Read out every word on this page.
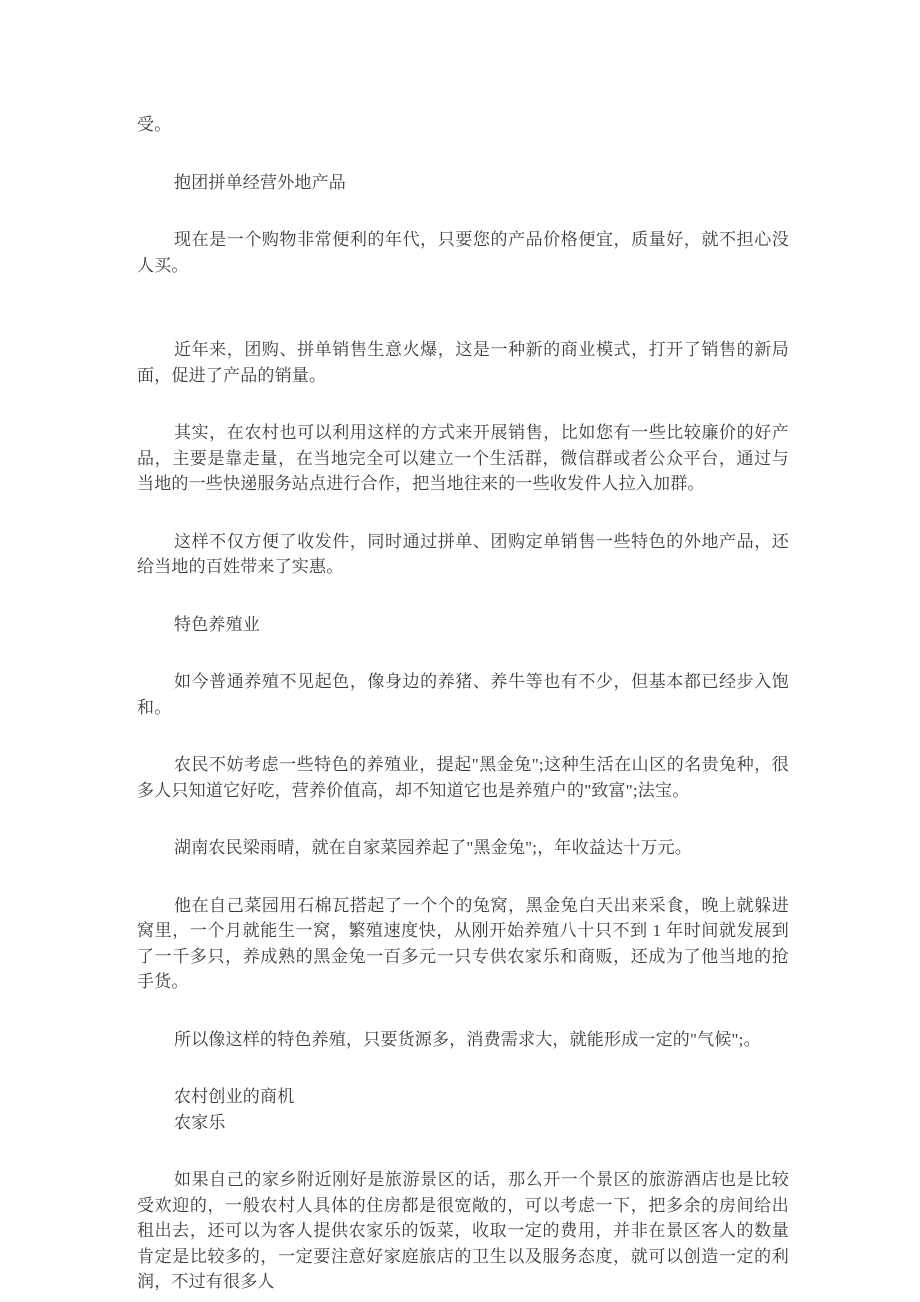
受。

抱团拼单经营外地产品

现在是一个购物非常便利的年代，只要您的产品价格便宜，质量好，就不担心没人买。

近年来，团购、拼单销售生意火爆，这是一种新的商业模式，打开了销售的新局面，促进了产品的销量。

其实，在农村也可以利用这样的方式来开展销售，比如您有一些比较廉价的好产品，主要是靠走量，在当地完全可以建立一个生活群，微信群或者公众平台，通过与当地的一些快递服务站点进行合作，把当地往来的一些收发件人拉入加群。

这样不仅方便了收发件，同时通过拼单、团购定单销售一些特色的外地产品，还给当地的百姓带来了实惠。

特色养殖业

如今普通养殖不见起色，像身边的养猪、养牛等也有不少，但基本都已经步入饱和。

农民不妨考虑一些特色的养殖业，提起"黑金兔";这种生活在山区的名贵兔种，很多人只知道它好吃，营养价值高，却不知道它也是养殖户的"致富";法宝。

湖南农民梁雨晴，就在自家菜园养起了"黑金兔";，年收益达十万元。

他在自己菜园用石棉瓦搭起了一个个的兔窝，黑金兔白天出来采食，晚上就躲进窝里，一个月就能生一窝，繁殖速度快，从刚开始养殖八十只不到 1 年时间就发展到了一千多只，养成熟的黑金兔一百多元一只专供农家乐和商贩，还成为了他当地的抢手货。

所以像这样的特色养殖，只要货源多，消费需求大，就能形成一定的"气候";。

农村创业的商机

农家乐

如果自己的家乡附近刚好是旅游景区的话，那么开一个景区的旅游酒店也是比较受欢迎的，一般农村人具体的住房都是很宽敞的，可以考虑一下，把多余的房间给出租出去，还可以为客人提供农家乐的饭菜，收取一定的费用，并非在景区客人的数量肯定是比较多的，一定要注意好家庭旅店的卫生以及服务态度，就可以创造一定的利润，不过有很多人
